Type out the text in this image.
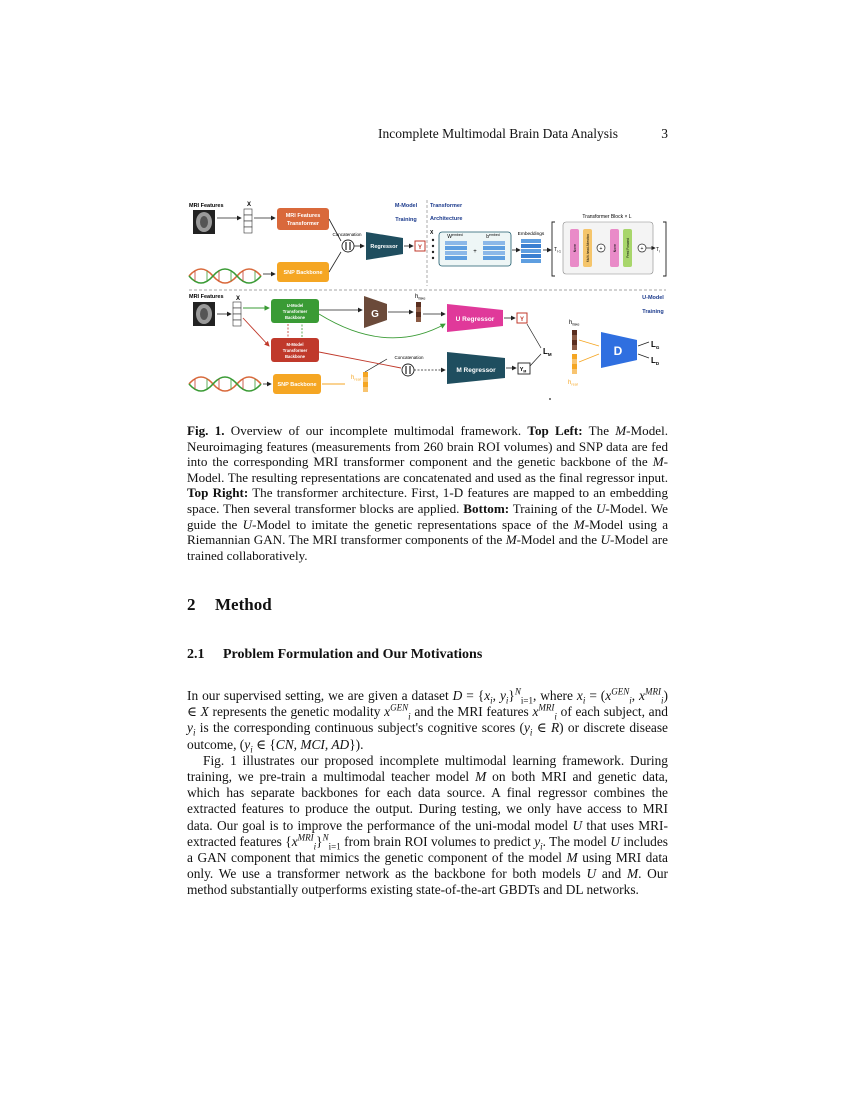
Incomplete Multimodal Brain Data Analysis	3
MRI Features	X
MRI Features
Transformer
SNP Backbone
Concatenation
Regressor	Y
M-Model
Training
Transformer
Architecture
X
$W^{embed}$	$b^{embed}$
+
Embeddings
Transformer Block × L
$T_{i-1}$	Norm	Multi-head Attention +	Norm	Feed Forward +	$T_i$
MRI Features X
U-Model
Transformer
Backbone
M-Model
Transformer
Backbone
SNP Backbone
$h_{real}$
G
$h_{fake}$
U Regressor	Y
Concatenation
M Regressor	$Y_M$
$L_M$
$h_{fake}$
$h_{real}$
D	$L_G$
$L_D$
U-Model
Training
Fig. 1. Overview of our incomplete multimodal framework. Top Left: The M-Model. Neuroimaging features (measurements from 260 brain ROI volumes) and SNP data are fed into the corresponding MRI transformer component and the genetic backbone of the M-Model. The resulting representations are concatenated and used as the final regressor input. Top Right: The transformer architecture. First, 1-D features are mapped to an embedding space. Then several transformer blocks are applied. Bottom: Training of the U-Model. We guide the U-Model to imitate the genetic representations space of the M-Model using a Riemannian GAN. The MRI transformer components of the M-Model and the U-Model are trained collaboratively.
2 Method
2.1 Problem Formulation and Our Motivations

In our supervised setting, we are given a dataset $D = \{x_i$, $y_i\}^N_{i=1}$, where $x_i = (x^{GEN}_i$, $x^{MRI}_i$) ∈ X represents the genetic modality $x^{GEN}_i$ and the MRI features $x^{MRI}_i$ of each subject, and $y_i$ is the corresponding continuous subject's cognitive scores ($y_i$ ∈ R) or discrete disease outcome, ($y_i$ ∈ {CN, MCI, AD}).

Fig. 1 illustrates our proposed incomplete multimodal learning framework. During training, we pre-train a multimodal teacher model M on both MRI and genetic data, which has separate backbones for each data source. A final regressor combines the extracted features to produce the output. During testing, we only have access to MRI data. Our goal is to improve the performance of the uni-modal model U that uses MRI-extracted features $\{x^{MRI}_i\}^N_{i=1}$ from brain ROI volumes to predict $y_i$. The model U includes a GAN component that mimics the genetic component of the model M using MRI data only. We use a transformer network as the backbone for both models U and M. Our method substantially outperforms existing state-of-the-art GBDTs and DL networks.
